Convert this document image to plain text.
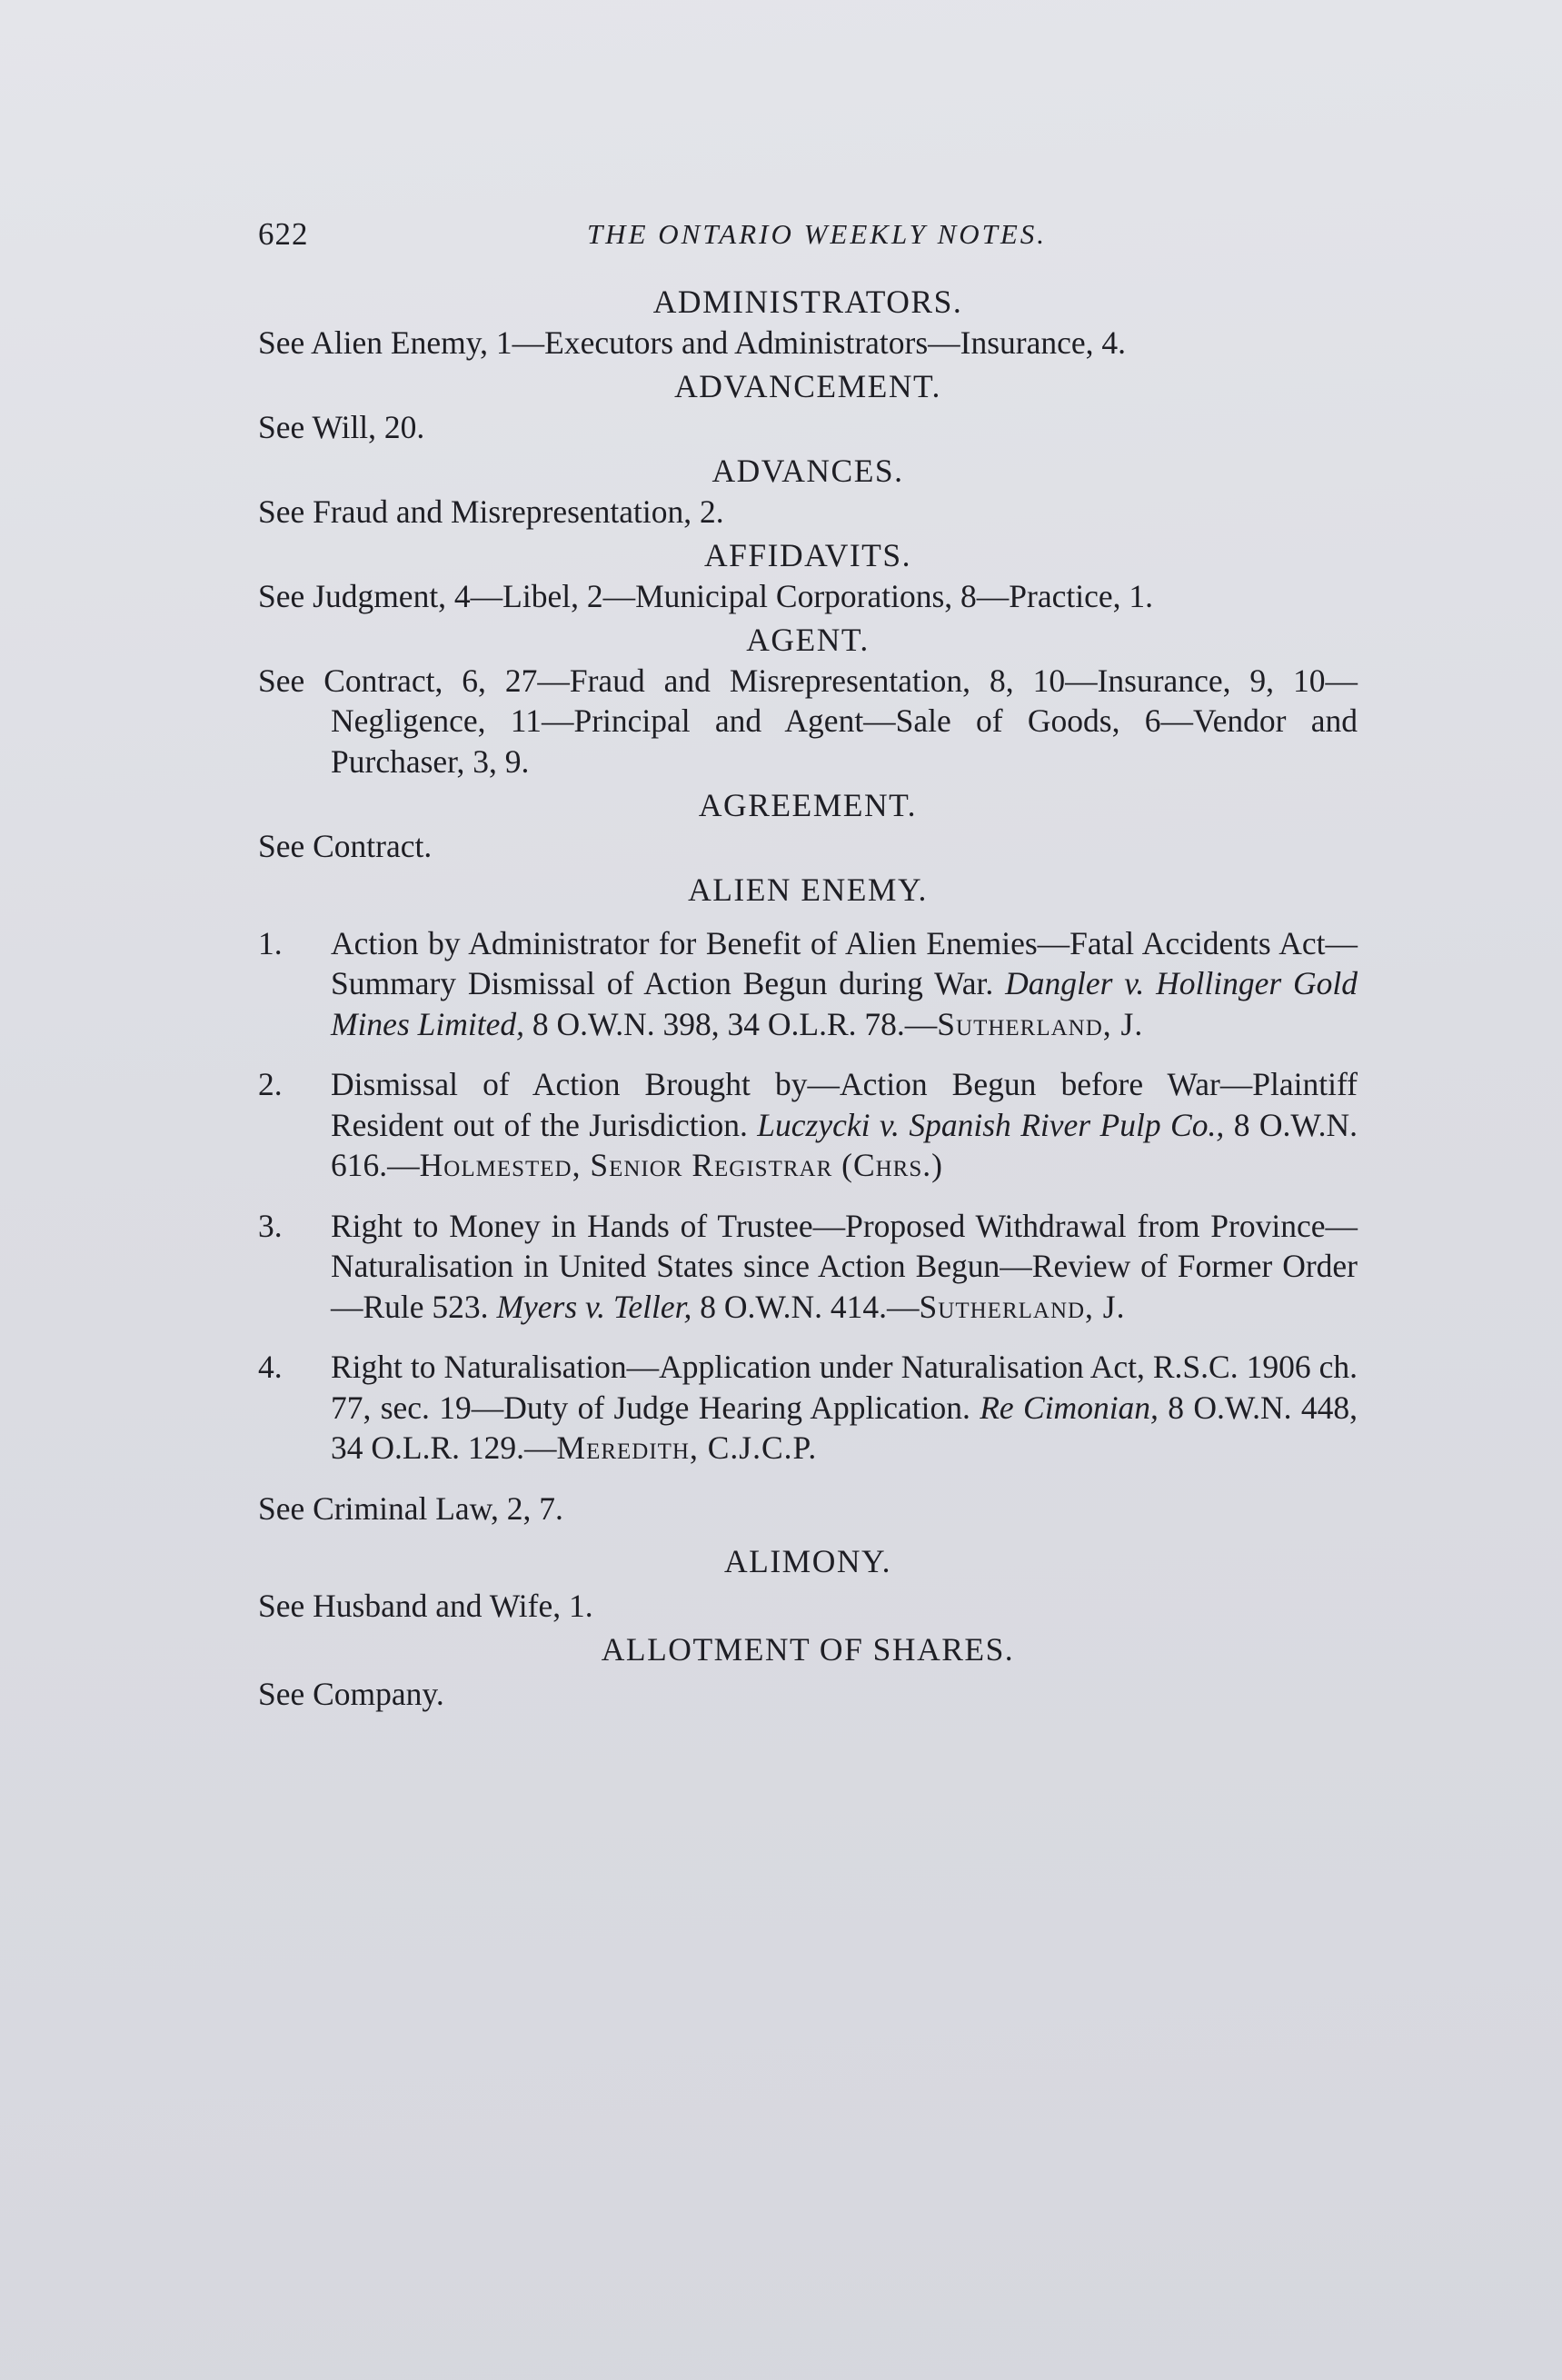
622	THE ONTARIO WEEKLY NOTES.
ADMINISTRATORS.

See Alien Enemy, 1—Executors and Administrators—Insurance, 4.

ADVANCEMENT.

See Will, 20.

ADVANCES.

See Fraud and Misrepresentation, 2.

AFFIDAVITS.

See Judgment, 4—Libel, 2—Municipal Corporations, 8—Practice, 1.

AGENT.

See Contract, 6, 27—Fraud and Misrepresentation, 8, 10—Insurance, 9, 10—Negligence, 11—Principal and Agent—Sale of Goods, 6—Vendor and Purchaser, 3, 9.

AGREEMENT.

See Contract.

ALIEN ENEMY.
1. Action by Administrator for Benefit of Alien Enemies—Fatal Accidents Act—Summary Dismissal of Action Begun during War. Dangler v. Hollinger Gold Mines Limited, 8 O.W.N. 398, 34 O.L.R. 78.—Sutherland, J.
2. Dismissal of Action Brought by—Action Begun before War—Plaintiff Resident out of the Jurisdiction. Luczycki v. Spanish River Pulp Co., 8 O.W.N. 616.—Holmested, Senior Registrar (Chrs.)
3. Right to Money in Hands of Trustee—Proposed Withdrawal from Province—Naturalisation in United States since Action Begun—Review of Former Order—Rule 523. Myers v. Teller, 8 O.W.N. 414.—Sutherland, J.
4. Right to Naturalisation—Application under Naturalisation Act, R.S.C. 1906 ch. 77, sec. 19—Duty of Judge Hearing Application. Re Cimonian, 8 O.W.N. 448, 34 O.L.R. 129.—Meredith, C.J.C.P.

See Criminal Law, 2, 7.

ALIMONY.

See Husband and Wife, 1.

ALLOTMENT OF SHARES.

See Company.
